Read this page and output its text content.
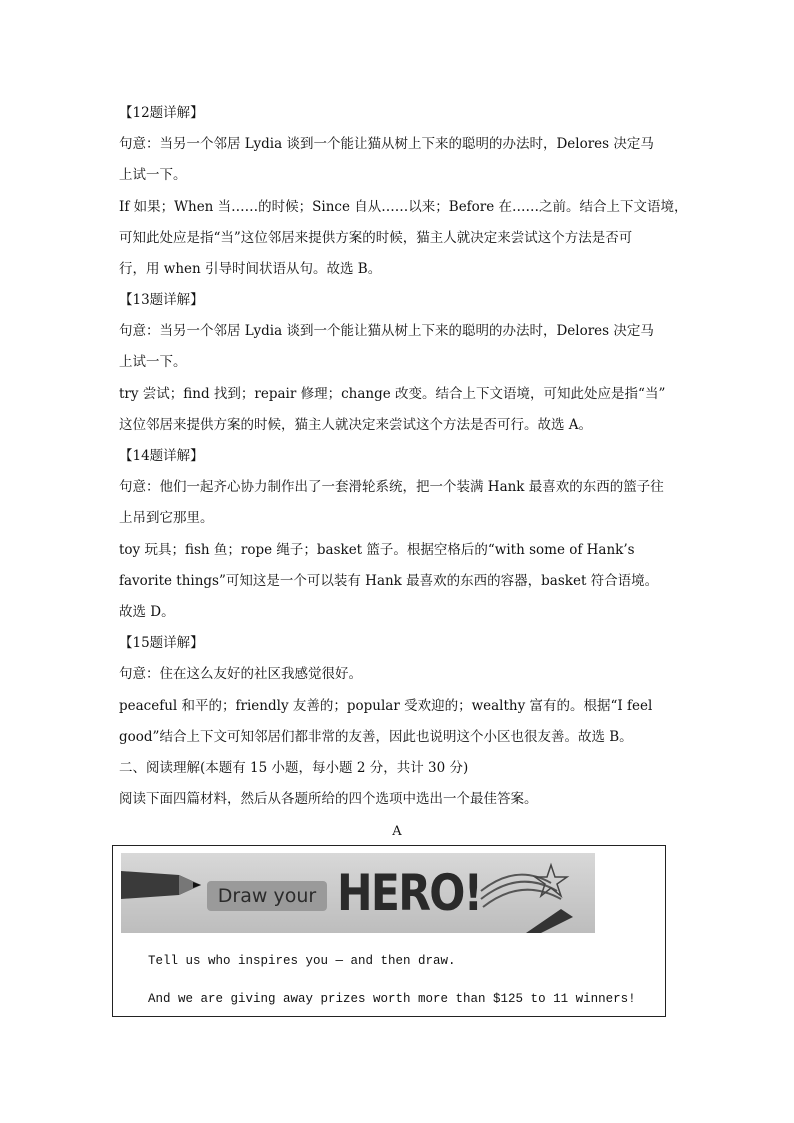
【12题详解】
句意：当另一个邻居 Lydia 谈到一个能让猫从树上下来的聪明的办法时，Delores 决定马
上试一下。
If 如果；When 当……的时候；Since 自从……以来；Before 在……之前。结合上下文语境，
可知此处应是指“当”这位邻居来提供方案的时候，猫主人就决定来尝试这个方法是否可
行，用 when 引导时间状语从句。故选 B。
【13题详解】
句意：当另一个邻居 Lydia 谈到一个能让猫从树上下来的聪明的办法时，Delores 决定马
上试一下。
try 尝试；find 找到；repair 修理；change 改变。结合上下文语境，可知此处应是指“当”
这位邻居来提供方案的时候，猫主人就决定来尝试这个方法是否可行。故选 A。
【14题详解】
句意：他们一起齐心协力制作出了一套滑轮系统，把一个装满 Hank 最喜欢的东西的篮子往
上吊到它那里。
toy 玩具；fish 鱼；rope 绳子；basket 篮子。根据空格后的“with some of Hank’s
favorite things”可知这是一个可以装有 Hank 最喜欢的东西的容器，basket 符合语境。
故选 D。
【15题详解】
句意：住在这么友好的社区我感觉很好。
peaceful 和平的；friendly 友善的；popular 受欢迎的；wealthy 富有的。根据“I feel
good”结合上下文可知邻居们都非常的友善，因此也说明这个小区也很友善。故选 B。
二、阅读理解(本题有 15 小题，每小题 2 分，共计 30 分)
阅读下面四篇材料，然后从各题所给的四个选项中选出一个最佳答案。
A
Draw your HERO!
Tell us who inspires you — and then draw.
And we are giving away prizes worth more than $125 to 11 winners!
